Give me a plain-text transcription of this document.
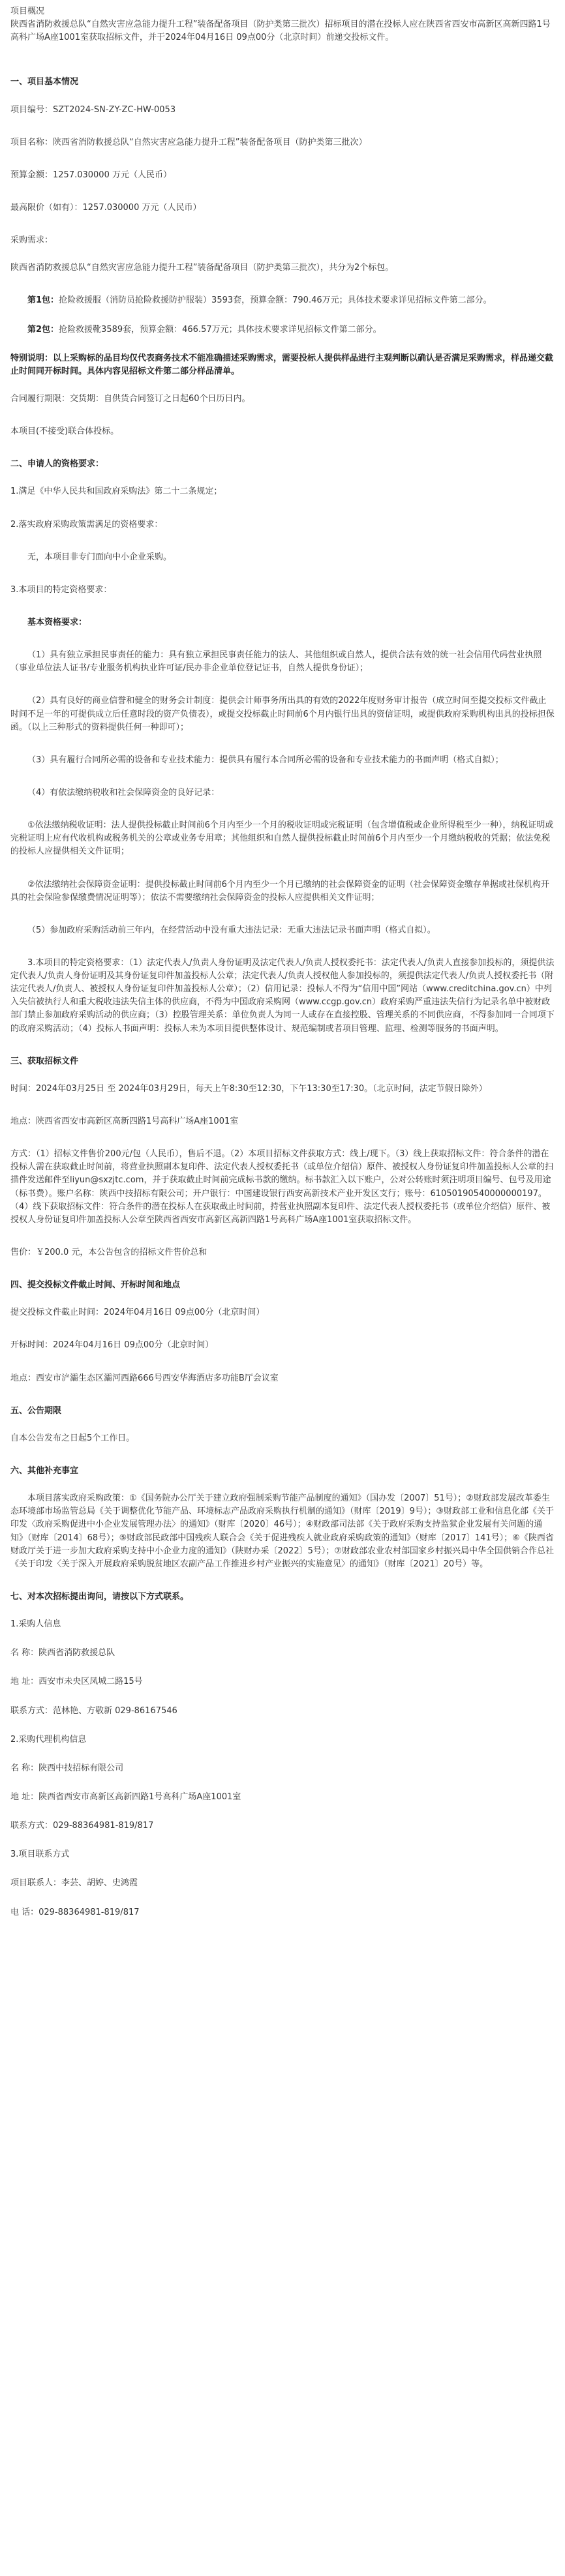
项目概况

陕西省消防救援总队“自然灾害应急能力提升工程”装备配备项目（防护类第三批次）招标项目的潜在投标人应在陕西省西安市高新区高新四路1号高科广场A座1001室获取招标文件，并于2024年04月16日 09点00分（北京时间）前递交投标文件。

一、项目基本情况

项目编号：SZT2024-SN-ZY-ZC-HW-0053

项目名称：陕西省消防救援总队“自然灾害应急能力提升工程”装备配备项目（防护类第三批次）

预算金额：1257.030000 万元（人民币）

最高限价（如有）：1257.030000 万元（人民币）

采购需求：

陕西省消防救援总队“自然灾害应急能力提升工程”装备配备项目（防护类第三批次），共分为2个标包。

第1包：抢险救援服（消防员抢险救援防护服装）3593套，预算金额：790.46万元；具体技术要求详见招标文件第二部分。

第2包：抢险救援靴3589套，预算金额：466.57万元；具体技术要求详见招标文件第二部分。

特别说明：以上采购标的品目均仅代表商务技术不能准确描述采购需求，需要投标人提供样品进行主观判断以确认是否满足采购需求，样品递交截止时间同开标时间。具体内容见招标文件第二部分样品清单。

合同履行期限：交货期：自供货合同签订之日起60个日历日内。

本项目(不接受)联合体投标。

二、申请人的资格要求：

1.满足《中华人民共和国政府采购法》第二十二条规定；

2.落实政府采购政策需满足的资格要求：

无，本项目非专门面向中小企业采购。

3.本项目的特定资格要求：

基本资格要求：

（1）具有独立承担民事责任的能力：具有独立承担民事责任能力的法人、其他组织或自然人，提供合法有效的统一社会信用代码营业执照（事业单位法人证书/专业服务机构执业许可证/民办非企业单位登记证书，自然人提供身份证）；

（2）具有良好的商业信誉和健全的财务会计制度：提供会计师事务所出具的有效的2022年度财务审计报告（成立时间至提交投标文件截止时间不足一年的可提供成立后任意时段的资产负债表），或提交投标截止时间前6个月内银行出具的资信证明，或提供政府采购机构出具的投标担保函。（以上三种形式的资料提供任何一种即可）；

（3）具有履行合同所必需的设备和专业技术能力：提供具有履行本合同所必需的设备和专业技术能力的书面声明（格式自拟）；

（4）有依法缴纳税收和社会保障资金的良好记录：

①依法缴纳税收证明：法人提供投标截止时间前6个月内至少一个月的税收证明或完税证明（包含增值税或企业所得税至少一种），纳税证明或完税证明上应有代收机构或税务机关的公章或业务专用章；其他组织和自然人提供投标截止时间前6个月内至少一个月缴纳税收的凭据；依法免税的投标人应提供相关文件证明；

②依法缴纳社会保障资金证明：提供投标截止时间前6个月内至少一个月已缴纳的社会保障资金的证明（社会保障资金缴存单据或社保机构开具的社会保险参保缴费情况证明等）；依法不需要缴纳社会保障资金的投标人应提供相关文件证明；

（5）参加政府采购活动前三年内，在经营活动中没有重大违法记录：无重大违法记录书面声明（格式自拟）。

3.本项目的特定资格要求：（1）法定代表人/负责人身份证明及法定代表人/负责人授权委托书：法定代表人/负责人直接参加投标的，须提供法定代表人/负责人身份证明及其身份证复印件加盖投标人公章；法定代表人/负责人授权他人参加投标的，须提供法定代表人/负责人授权委托书（附法定代表人/负责人、被授权人身份证复印件加盖投标人公章）；（2）信用记录：投标人不得为“信用中国”网站（www.creditchina.gov.cn）中列入失信被执行人和重大税收违法失信主体的供应商，不得为中国政府采购网（www.ccgp.gov.cn）政府采购严重违法失信行为记录名单中被财政部门禁止参加政府采购活动的供应商；（3）控股管理关系：单位负责人为同一人或存在直接控股、管理关系的不同供应商，不得参加同一合同项下的政府采购活动；（4）投标人书面声明：投标人未为本项目提供整体设计、规范编制或者项目管理、监理、检测等服务的书面声明。

三、获取招标文件

时间：2024年03月25日 至 2024年03月29日，每天上午8:30至12:30，下午13:30至17:30。（北京时间，法定节假日除外）

地点：陕西省西安市高新区高新四路1号高科广场A座1001室

方式：（1）招标文件售价200元/包（人民币），售后不退。（2）本项目招标文件获取方式：线上/现下。（3）线上获取招标文件：符合条件的潜在投标人需在获取截止时间前，将营业执照副本复印件、法定代表人授权委托书（或单位介绍信）原件、被授权人身份证复印件加盖投标人公章的扫描件发送邮件至liyun@sxzjtc.com，并于获取截止时间前完成标书款的缴纳。标书款汇入以下账户，公对公转账时须注明项目编号、包号及用途（标书费）。账户名称：陕西中技招标有限公司；开户银行：中国建设银行西安高新技术产业开发区支行；账号：61050190540000000197。（4）线下获取招标文件：符合条件的潜在投标人在获取截止时间前，持营业执照副本复印件、法定代表人授权委托书（或单位介绍信）原件、被授权人身份证复印件加盖投标人公章至陕西省西安市高新区高新四路1号高科广场A座1001室获取招标文件。

售价：￥200.0 元，本公告包含的招标文件售价总和

四、提交投标文件截止时间、开标时间和地点

提交投标文件截止时间：2024年04月16日 09点00分（北京时间）

开标时间：2024年04月16日 09点00分（北京时间）

地点：西安市浐灞生态区灞河西路666号西安华海酒店多功能B厅会议室

五、公告期限

自本公告发布之日起5个工作日。

六、其他补充事宜

本项目落实政府采购政策：①《国务院办公厅关于建立政府强制采购节能产品制度的通知》（国办发〔2007〕51号）；②财政部发展改革委生态环境部市场监管总局《关于调整优化节能产品、环境标志产品政府采购执行机制的通知》（财库〔2019〕9号）；③财政部工业和信息化部《关于印发〈政府采购促进中小企业发展管理办法〉的通知》（财库〔2020〕46号）；④财政部司法部《关于政府采购支持监狱企业发展有关问题的通知》（财库〔2014〕68号）；⑤财政部民政部中国残疾人联合会《关于促进残疾人就业政府采购政策的通知》（财库〔2017〕141号）；⑥《陕西省财政厅关于进一步加大政府采购支持中小企业力度的通知》（陕财办采〔2022〕5号）；⑦财政部农业农村部国家乡村振兴局中华全国供销合作总社《关于印发〈关于深入开展政府采购脱贫地区农副产品工作推进乡村产业振兴的实施意见〉的通知》（财库〔2021〕20号）等。

七、对本次招标提出询问，请按以下方式联系。

1.采购人信息

名 称：陕西省消防救援总队

地 址：西安市未央区凤城二路15号

联系方式：范林艳、方敬新 029-86167546

2.采购代理机构信息

名 称：陕西中技招标有限公司

地 址：陕西省西安市高新区高新四路1号高科广场A座1001室

联系方式：029-88364981-819/817

3.项目联系方式

项目联系人：李芸、胡婷、史鸿霞

电 话：029-88364981-819/817
